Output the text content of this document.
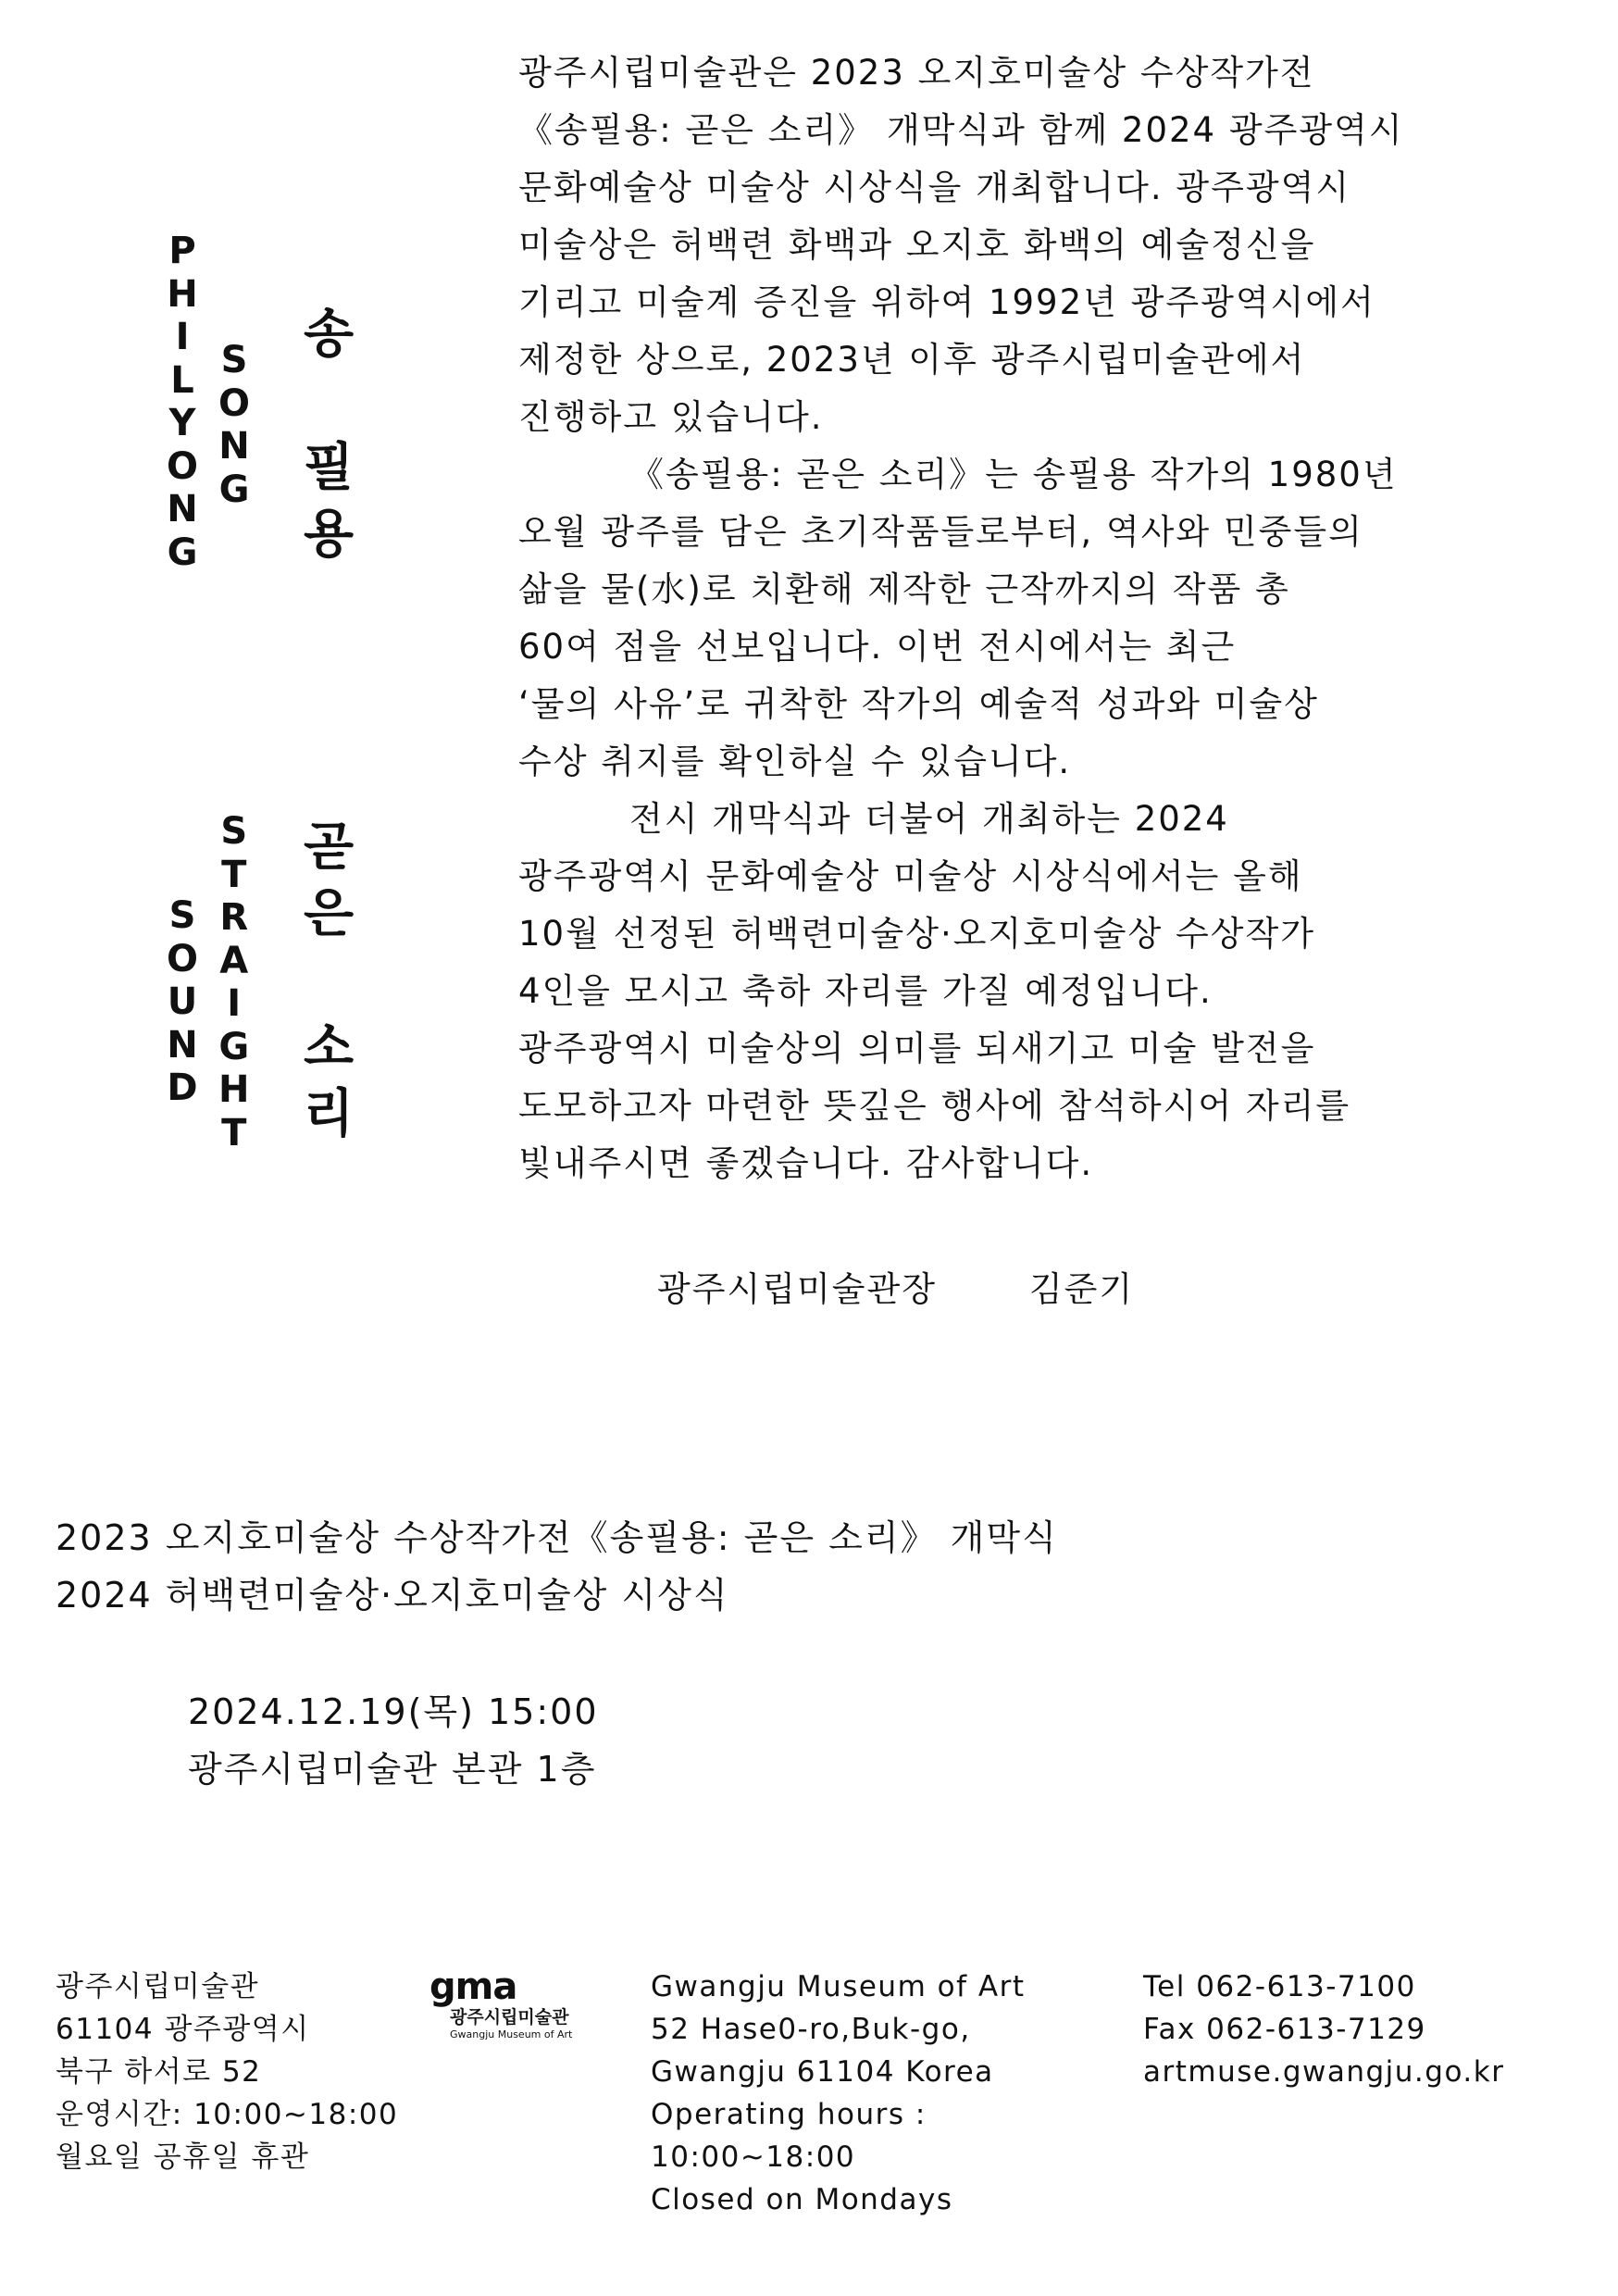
P
H
I
L
Y
O
N
G
S
O
N
G
송
필
용
S
O
U
N
D
S
T
R
A
I
G
H
T
곧
은
소
리
광주시립미술관은 2023 오지호미술상 수상작가전
《송필용: 곧은 소리》 개막식과 함께 2024 광주광역시
문화예술상 미술상 시상식을 개최합니다. 광주광역시
미술상은 허백련 화백과 오지호 화백의 예술정신을
기리고 미술계 증진을 위하여 1992년 광주광역시에서
제정한 상으로, 2023년 이후 광주시립미술관에서
진행하고 있습니다.
《송필용: 곧은 소리》는 송필용 작가의 1980년
오월 광주를 담은 초기작품들로부터, 역사와 민중들의
삶을 물(水)로 치환해 제작한 근작까지의 작품 총
60여 점을 선보입니다. 이번 전시에서는 최근
‘물의 사유’로 귀착한 작가의 예술적 성과와 미술상
수상 취지를 확인하실 수 있습니다.
전시 개막식과 더불어 개최하는 2024
광주광역시 문화예술상 미술상 시상식에서는 올해
10월 선정된 허백련미술상·오지호미술상 수상작가
4인을 모시고 축하 자리를 가질 예정입니다.
광주광역시 미술상의 의미를 되새기고 미술 발전을
도모하고자 마련한 뜻깊은 행사에 참석하시어 자리를
빛내주시면 좋겠습니다. 감사합니다.
광주시립미술관장	김준기
2023 오지호미술상 수상작가전《송필용: 곧은 소리》 개막식
2024 허백련미술상·오지호미술상 시상식
2024.12.19(목) 15:00
광주시립미술관 본관 1층
광주시립미술관
61104 광주광역시
북구 하서로 52
운영시간: 10:00~18:00
월요일 공휴일 휴관
gma
광주시립미술관
Gwangju Museum of Art
Gwangju Museum of Art
52 Hase0-ro,Buk-go,
Gwangju 61104 Korea
Operating hours :
10:00~18:00
Closed on Mondays
Tel 062-613-7100
Fax 062-613-7129
artmuse.gwangju.go.kr
